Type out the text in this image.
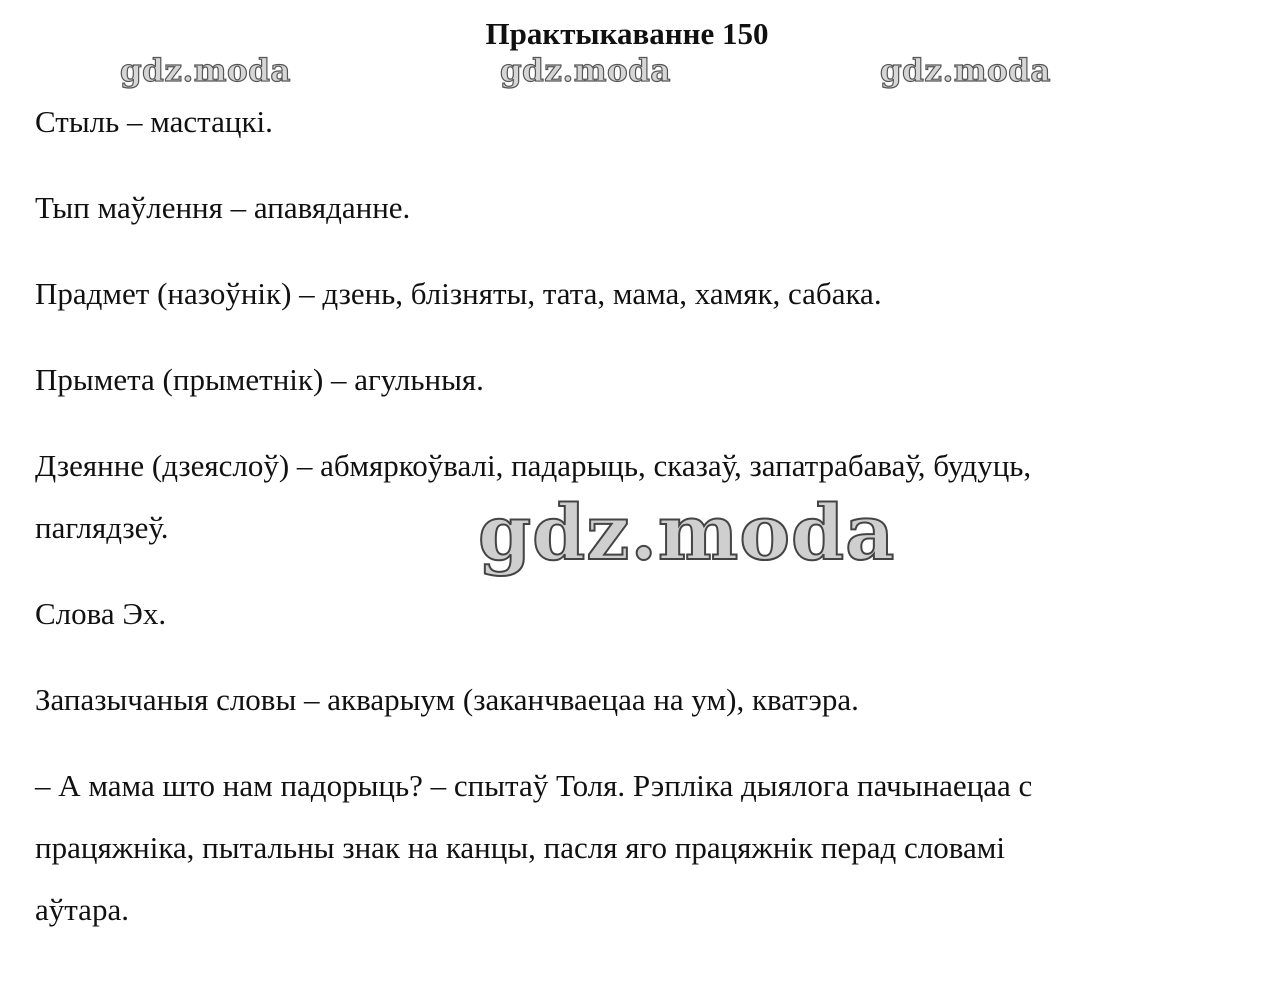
Практыкаванне 150
gdz.moda	gdz.moda	gdz.moda
Стыль – мастацкі.
Тып маўлення – апавяданне.
Прадмет (назоўнік) – дзень, блізняты, тата, мама, хамяк, сабака.
Прымета (прыметнік) – агульныя.
Дзеянне (дзеяслоў) – абмяркоўвалі, падарыць, сказаў, запатрабаваў, будуць,
паглядзеў.
Слова Эх.
Запазычаныя словы – акварыум (заканчваецаа на ум), кватэра.
– А мама што нам падорыць? – спытаў Толя. Рэпліка дыялога пачынаецаа с
працяжніка, пытальны знак на канцы, пасля яго працяжнік перад словамі
аўтара.
gdz.moda
